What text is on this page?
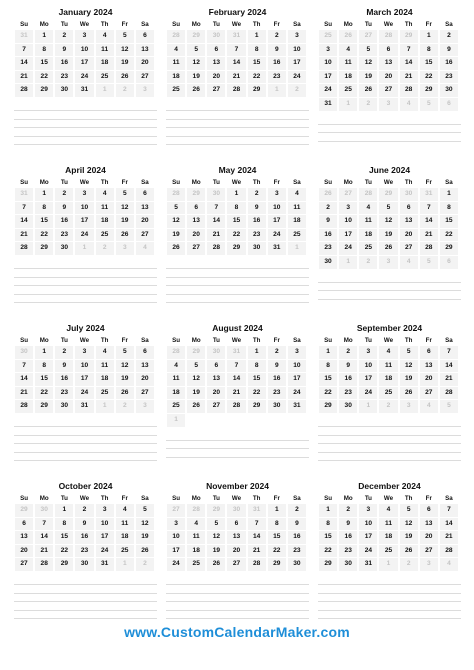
January 2024
Su	Mo	Tu	We	Th	Fr	Sa
31	1	2	3	4	5	6
7	8	9	10	11	12	13
14	15	16	17	18	19	20
21	22	23	24	25	26	27
28	29	30	31	1	2	3
February 2024
Su	Mo	Tu	We	Th	Fr	Sa
28	29	30	31	1	2	3
4	5	6	7	8	9	10
11	12	13	14	15	16	17
18	19	20	21	22	23	24
25	26	27	28	29	1	2
March 2024
Su	Mo	Tu	We	Th	Fr	Sa
25	26	27	28	29	1	2
3	4	5	6	7	8	9
10	11	12	13	14	15	16
17	18	19	20	21	22	23
24	25	26	27	28	29	30
31	1	2	3	4	5	6
April 2024
Su	Mo	Tu	We	Th	Fr	Sa
31	1	2	3	4	5	6
7	8	9	10	11	12	13
14	15	16	17	18	19	20
21	22	23	24	25	26	27
28	29	30	1	2	3	4
May 2024
Su	Mo	Tu	We	Th	Fr	Sa
28	29	30	1	2	3	4
5	6	7	8	9	10	11
12	13	14	15	16	17	18
19	20	21	22	23	24	25
26	27	28	29	30	31	1
June 2024
Su	Mo	Tu	We	Th	Fr	Sa
26	27	28	29	30	31	1
2	3	4	5	6	7	8
9	10	11	12	13	14	15
16	17	18	19	20	21	22
23	24	25	26	27	28	29
30	1	2	3	4	5	6
July 2024
Su	Mo	Tu	We	Th	Fr	Sa
30	1	2	3	4	5	6
7	8	9	10	11	12	13
14	15	16	17	18	19	20
21	22	23	24	25	26	27
28	29	30	31	1	2	3
August 2024
Su	Mo	Tu	We	Th	Fr	Sa
28	29	30	31	1	2	3
4	5	6	7	8	9	10
11	12	13	14	15	16	17
18	19	20	21	22	23	24
25	26	27	28	29	30	31
1						
September 2024
Su	Mo	Tu	We	Th	Fr	Sa
1	2	3	4	5	6	7
8	9	10	11	12	13	14
15	16	17	18	19	20	21
22	23	24	25	26	27	28
29	30	1	2	3	4	5
October 2024
Su	Mo	Tu	We	Th	Fr	Sa
29	30	1	2	3	4	5
6	7	8	9	10	11	12
13	14	15	16	17	18	19
20	21	22	23	24	25	26
27	28	29	30	31	1	2
November 2024
Su	Mo	Tu	We	Th	Fr	Sa
27	28	29	30	31	1	2
3	4	5	6	7	8	9
10	11	12	13	14	15	16
17	18	19	20	21	22	23
24	25	26	27	28	29	30
December 2024
Su	Mo	Tu	We	Th	Fr	Sa
1	2	3	4	5	6	7
8	9	10	11	12	13	14
15	16	17	18	19	20	21
22	23	24	25	26	27	28
29	30	31	1	2	3	4
www.CustomCalendarMaker.com
